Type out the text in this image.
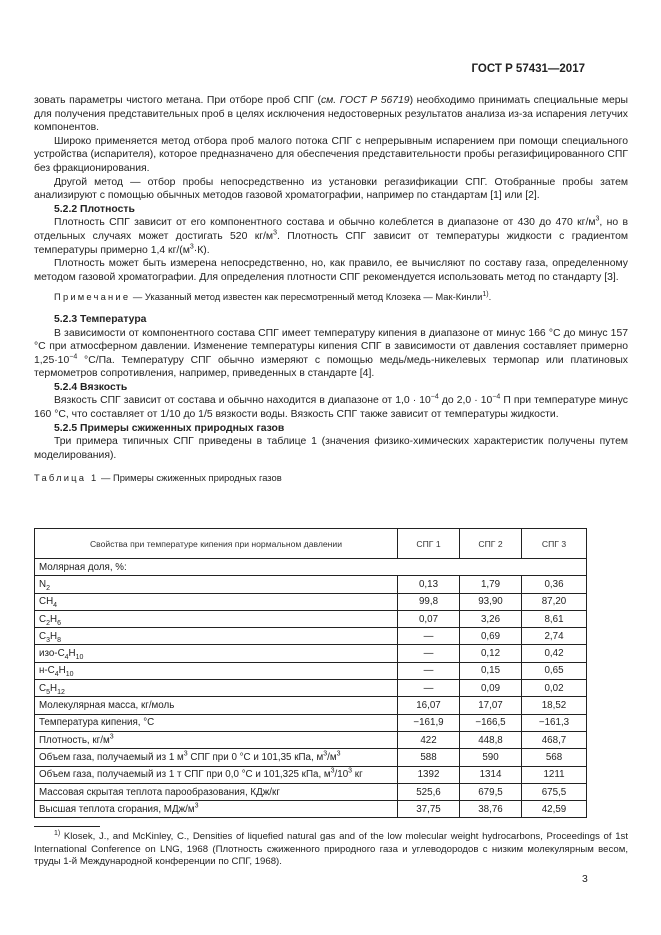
ГОСТ Р 57431—2017

зовать параметры чистого метана. При отборе проб СПГ (см. ГОСТ Р 56719) необходимо принимать специальные меры для получения представительных проб в целях исключения недостоверных результатов анализа из-за испарения летучих компонентов.

Широко применяется метод отбора проб малого потока СПГ с непрерывным испарением при помощи специального устройства (испарителя), которое предназначено для обеспечения представительности пробы регазифицированного СПГ без фракционирования.

Другой метод — отбор пробы непосредственно из установки регазификации СПГ. Отобранные пробы затем анализируют с помощью обычных методов газовой хроматографии, например по стандартам [1] или [2].

5.2.2 Плотность

Плотность СПГ зависит от его компонентного состава и обычно колеблется в диапазоне от 430 до 470 $кг/м^3$, но в отдельных случаях может достигать 520 $кг/м^3$. Плотность СПГ зависит от температуры жидкости с градиентом температуры примерно 1,4 $кг/(м^3\cdot К)$.

Плотность может быть измерена непосредственно, но, как правило, ее вычисляют по составу газа, определенному методом газовой хроматографии. Для определения плотности СПГ рекомендуется использовать метод по стандарту [3].

Примечание — Указанный метод известен как пересмотренный метод Клозека — Мак-Кинли$^{1)}$.
5.2.3 Температура

В зависимости от компонентного состава СПГ имеет температуру кипения в диапазоне от минус 166 °С до минус 157 °С при атмосферном давлении. Изменение температуры кипения СПГ в зависимости от давления составляет примерно $1,25\cdot 10^{-4}$ °С/Па. Температуру СПГ обычно измеряют с помощью медь/медь-никелевых термопар или платиновых термометров сопротивления, например, приведенных в стандарте [4].

5.2.4 Вязкость

Вязкость СПГ зависит от состава и обычно находится в диапазоне от $1,0 \cdot 10^{-4}$ до $2,0 \cdot 10^{-4}$ П при температуре минус 160 °С, что составляет от 1/10 до 1/5 вязкости воды. Вязкость СПГ также зависит от температуры жидкости.

5.2.5 Примеры сжиженных природных газов

Три примера типичных СПГ приведены в таблице 1 (значения физико-химических характеристик получены путем моделирования).

Таблица 1 — Примеры сжиженных природных газов
Свойства при температуре кипения при нормальном давлении	СПГ 1	СПГ 2	СПГ 3
Молярная доля, %:			
$N_2$	0,13	1,79	0,36
$CH_4$	99,8	93,90	87,20
$C_2H_6$	0,07	3,26	8,61
$C_3H_8$	—	0,69	2,74
изо-$C_4H_{10}$	—	0,12	0,42
$н-C_4H_{10}$	—	0,15	0,65
$C_5H_{12}$	—	0,09	0,02
Молекулярная масса, кг/моль	16,07	17,07	18,52
Температура кипения, °С	−161,9	−166,5	−161,3
Плотность, $кг/м^3$	422	448,8	468,7
Объем газа, получаемый из 1 $м^3$ СПГ при 0 °С и 101,35 кПа, $м^3/м^3$	588	590	568
Объем газа, получаемый из 1 т СПГ при 0,0 °С и 101,325 кПа, $м^3/10^3$ кг	1392	1314	1211
Массовая скрытая теплота парообразования, КДж/кг	525,6	679,5	675,5
Высшая теплота сгорания, МДж/$м^3$	37,75	38,76	42,59
$^{1)}$ Klosek, J., and McKinley, C., Densities of liquefied natural gas and of the low molecular weight hydrocarbons, Proceedings of 1st International Conference on LNG, 1968 (Плотность сжиженного природного газа и углеводородов с низким молекулярным весом, труды 1-й Международной конференции по СПГ, 1968).
3
